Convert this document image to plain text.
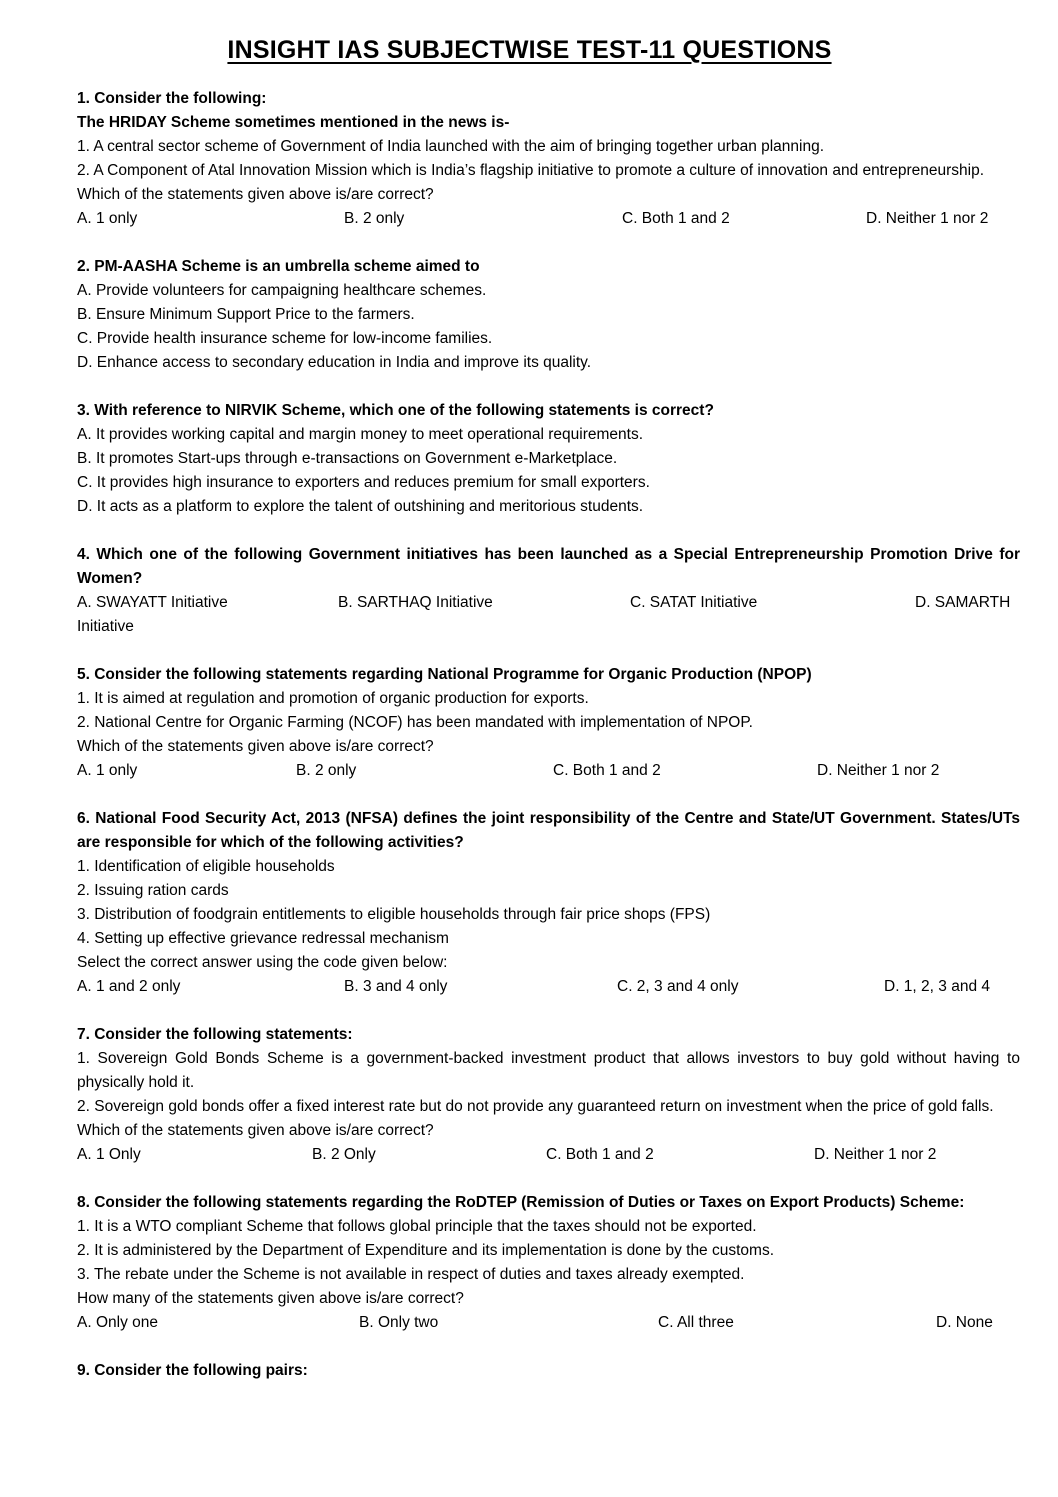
INSIGHT IAS SUBJECTWISE TEST-11 QUESTIONS
1. Consider the following:
The HRIDAY Scheme sometimes mentioned in the news is-
1. A central sector scheme of Government of India launched with the aim of bringing together urban planning.
2. A Component of Atal Innovation Mission which is India’s flagship initiative to promote a culture of innovation and entrepreneurship.
Which of the statements given above is/are correct?
A. 1 only	B. 2 only	C. Both 1 and 2	D. Neither 1 nor 2
2. PM-AASHA Scheme is an umbrella scheme aimed to
A. Provide volunteers for campaigning healthcare schemes.
B. Ensure Minimum Support Price to the farmers.
C. Provide health insurance scheme for low-income families.
D. Enhance access to secondary education in India and improve its quality.
3. With reference to NIRVIK Scheme, which one of the following statements is correct?
A. It provides working capital and margin money to meet operational requirements.
B. It promotes Start-ups through e-transactions on Government e-Marketplace.
C. It provides high insurance to exporters and reduces premium for small exporters.
D. It acts as a platform to explore the talent of outshining and meritorious students.
4. Which one of the following Government initiatives has been launched as a Special Entrepreneurship Promotion Drive for Women?
A. SWAYATT Initiative	B. SARTHAQ Initiative	C. SATAT Initiative	D. SAMARTH
Initiative
5. Consider the following statements regarding National Programme for Organic Production (NPOP)
1. It is aimed at regulation and promotion of organic production for exports.
2. National Centre for Organic Farming (NCOF) has been mandated with implementation of NPOP.
Which of the statements given above is/are correct?
A. 1 only	B. 2 only	C. Both 1 and 2	D. Neither 1 nor 2
6. National Food Security Act, 2013 (NFSA) defines the joint responsibility of the Centre and State/UT Government. States/UTs are responsible for which of the following activities?
1. Identification of eligible households
2. Issuing ration cards
3. Distribution of foodgrain entitlements to eligible households through fair price shops (FPS)
4. Setting up effective grievance redressal mechanism
Select the correct answer using the code given below:
A. 1 and 2 only	B. 3 and 4 only	C. 2, 3 and 4 only	D. 1, 2, 3 and 4
7. Consider the following statements:
1. Sovereign Gold Bonds Scheme is a government-backed investment product that allows investors to buy gold without having to physically hold it.
2. Sovereign gold bonds offer a fixed interest rate but do not provide any guaranteed return on investment when the price of gold falls.
Which of the statements given above is/are correct?
A. 1 Only	B. 2 Only	C. Both 1 and 2	D. Neither 1 nor 2
8. Consider the following statements regarding the RoDTEP (Remission of Duties or Taxes on Export Products) Scheme:
1. It is a WTO compliant Scheme that follows global principle that the taxes should not be exported.
2. It is administered by the Department of Expenditure and its implementation is done by the customs.
3. The rebate under the Scheme is not available in respect of duties and taxes already exempted.
How many of the statements given above is/are correct?
A. Only one	B. Only two	C. All three	D. None
9. Consider the following pairs:
